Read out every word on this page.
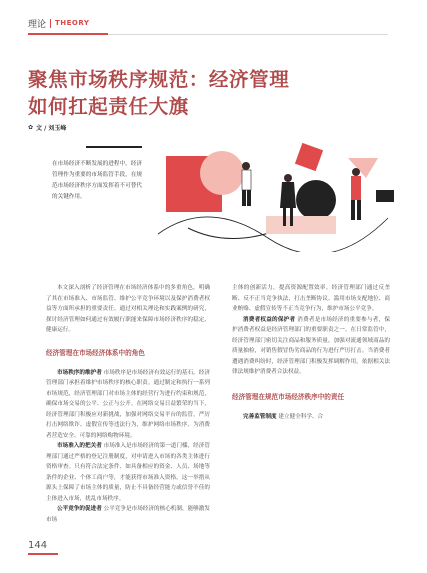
理论 THEORY
聚焦市场秩序规范：经济管理
如何扛起责任大旗
✿ 文 / 刘玉峰
在市场经济不断发展的进程中，经济管理作为重要的市场监管手段，在规范市场经济秩序方面发挥着不可替代的关键作用。

本文深入剖析了经济管理在市场经济体系中的多重角色，明确了其在市场准入、市场监管、维护公平竞争环境以及保护消费者权益等方面所承担的重要责任。通过对相关理论和实践案例的研究，探讨经济管理如何通过有效履行职能来保障市场经济秩序的稳定、健康运行。

经济管理在市场经济体系中的角色

市场秩序的维护者 市场秩序是市场经济有效运行的基石，经济管理部门承担着维护市场秩序的核心职责。通过制定和执行一系列市场规范，经济管理部门对市场主体的经营行为进行约束和规范，确保市场交易的公平、公正与公开。在网络交易日益繁荣的当下，经济管理部门积极应对新挑战，加强对网络交易平台的监管，严厉打击网络欺诈、虚假宣传等违法行为，维护网络市场秩序，为消费者营造安全、可靠的网络购物环境。

市场准入的把关者 市场准入是市场经济的第一道门槛，经济管理部门通过严格的登记注册制度，对申请进入市场的各类主体进行资格审查。只有符合法定条件、如具备相应的资金、人员、场地等条件的企业、个体工商户等，才能获得市场准入资格。这一举措从源头上保障了市场主体的质量，防止不具备经营能力或信誉不佳的主体进入市场，扰乱市场秩序。

公平竞争的促进者 公平竞争是市场经济的核心机制，能够激发市场

主体的创新活力，提高资源配置效率。经济管理部门通过反垄断、反不正当竞争执法，打击垄断协议、滥用市场支配地位、商业贿赂、虚假宣传等不正当竞争行为，维护市场公平竞争。

消费者权益的保护者 消费者是市场经济的重要参与者，保护消费者权益是经济管理部门的重要职责之一。在日常监管中，经济管理部门密切关注商品和服务质量，加强对流通领域商品的质量抽检，对销售假冒伪劣商品的行为进行严厉打击。当消费者遭遇消费纠纷时，经济管理部门积极发挥调解作用，依据相关法律法规维护消费者合法权益。

经济管理在规范市场经济秩序中的责任

完善监管制度 建立健全科学、合

144
